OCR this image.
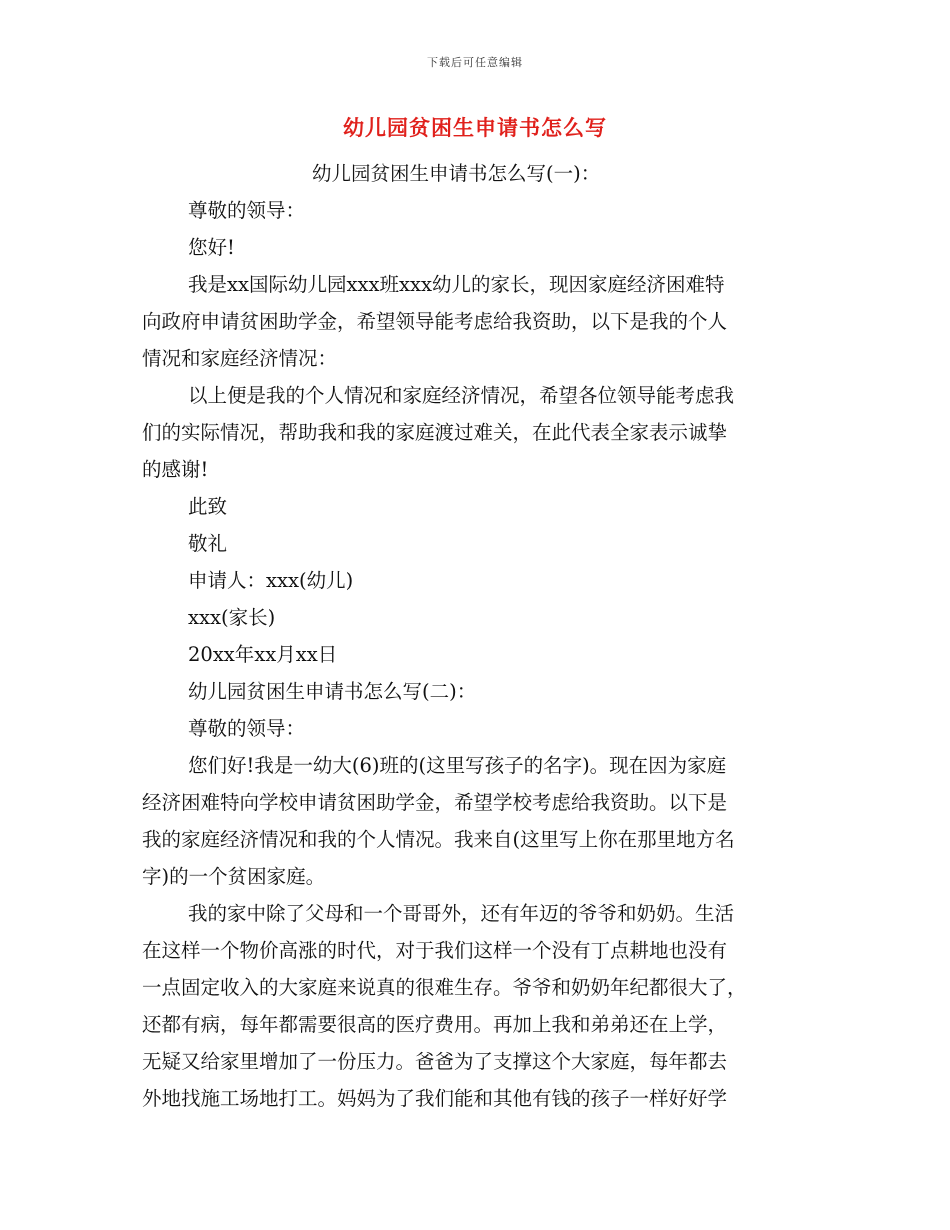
下载后可任意编辑
幼儿园贫困生申请书怎么写
幼儿园贫困生申请书怎么写(一)：
尊敬的领导：
您好!
我是xx国际幼儿园xxx班xxx幼儿的家长，现因家庭经济困难特
向政府申请贫困助学金，希望领导能考虑给我资助，以下是我的个人
情况和家庭经济情况：
以上便是我的个人情况和家庭经济情况，希望各位领导能考虑我
们的实际情况，帮助我和我的家庭渡过难关，在此代表全家表示诚挚
的感谢!
此致
敬礼
申请人：xxx(幼儿)
xxx(家长)
20xx年xx月xx日
幼儿园贫困生申请书怎么写(二)：
尊敬的领导：
您们好!我是一幼大(6)班的(这里写孩子的名字)。现在因为家庭
经济困难特向学校申请贫困助学金，希望学校考虑给我资助。以下是
我的家庭经济情况和我的个人情况。我来自(这里写上你在那里地方名
字)的一个贫困家庭。
我的家中除了父母和一个哥哥外，还有年迈的爷爷和奶奶。生活
在这样一个物价高涨的时代，对于我们这样一个没有丁点耕地也没有
一点固定收入的大家庭来说真的很难生存。爷爷和奶奶年纪都很大了，
还都有病，每年都需要很高的医疗费用。再加上我和弟弟还在上学，
无疑又给家里增加了一份压力。爸爸为了支撑这个大家庭，每年都去
外地找施工场地打工。妈妈为了我们能和其他有钱的孩子一样好好学
